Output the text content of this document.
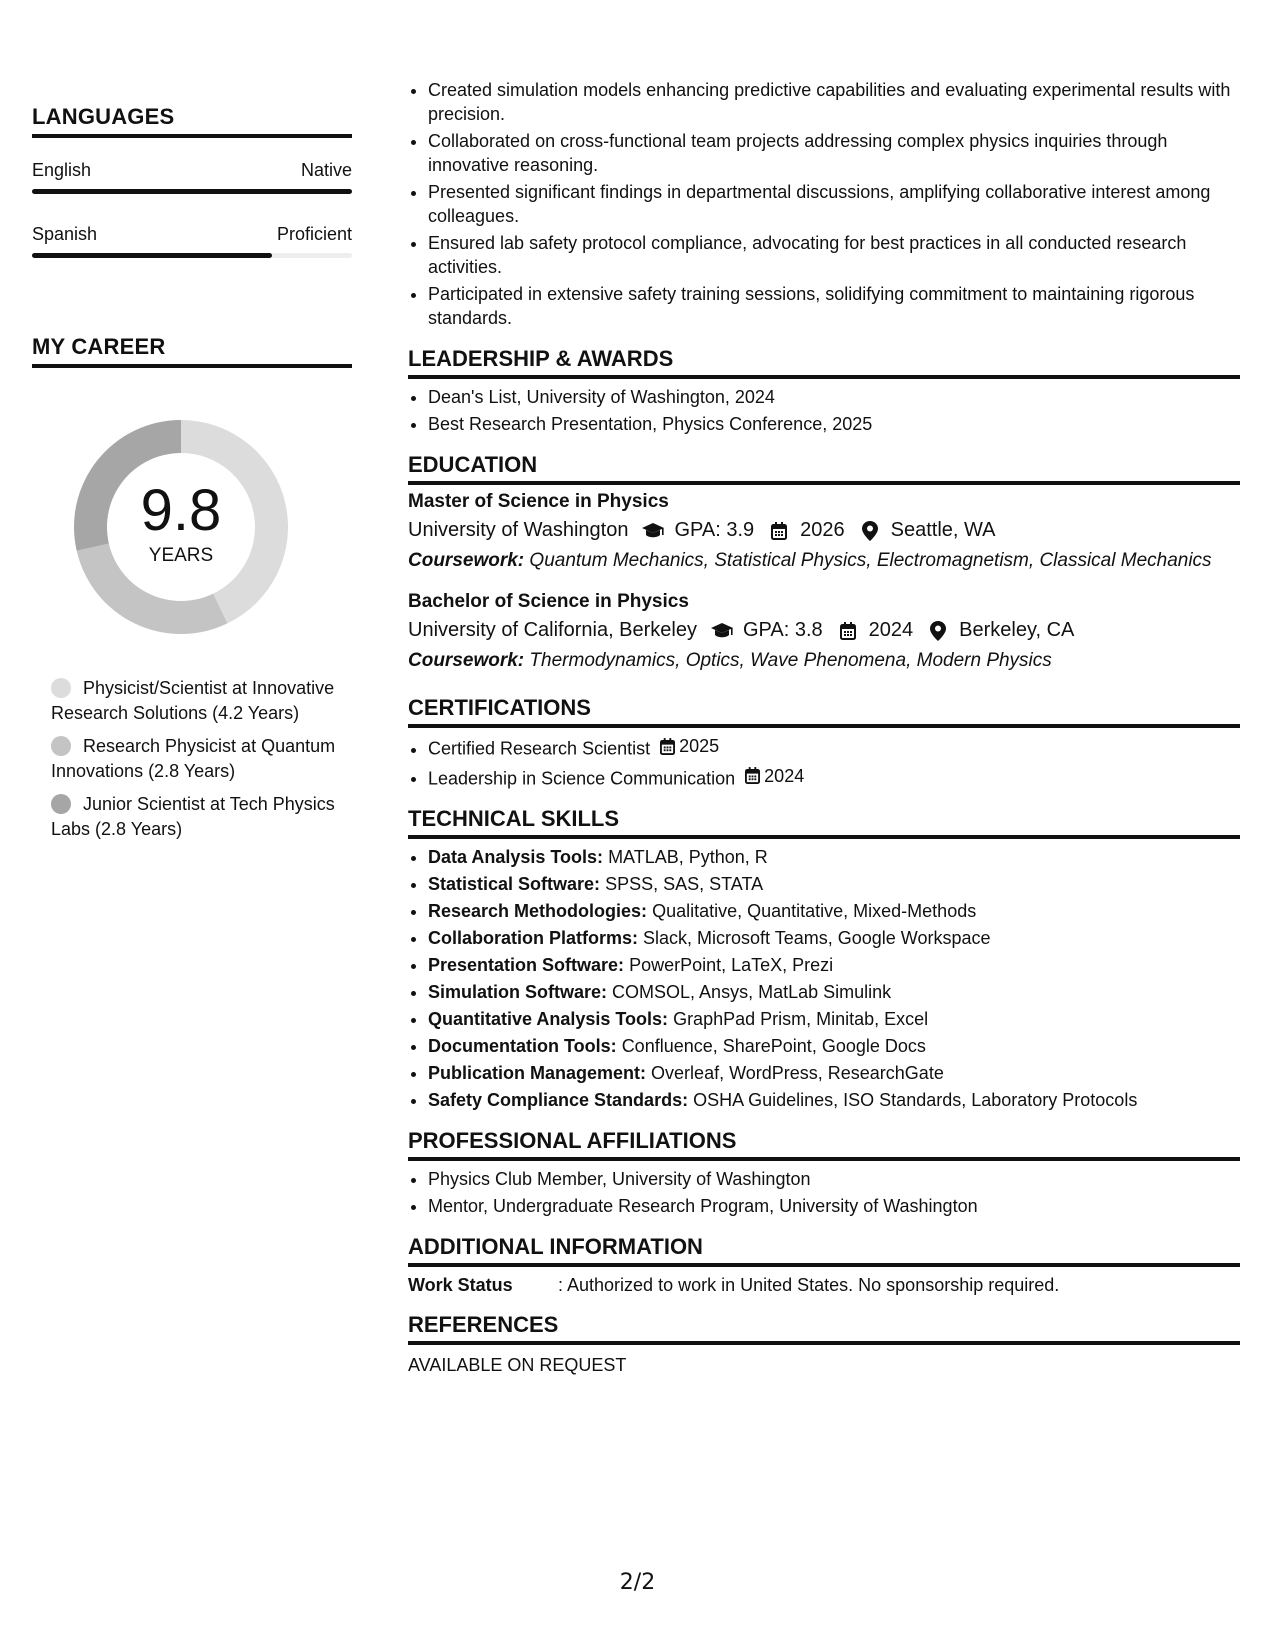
LANGUAGES
English	Native
Spanish	Proficient
MY CAREER
9.8
YEARS
Physicist/Scientist at Innovative Research Solutions (4.2 Years)
Research Physicist at Quantum Innovations (2.8 Years)
Junior Scientist at Tech Physics Labs (2.8 Years)
• Created simulation models enhancing predictive capabilities and evaluating experimental results with precision.
• Collaborated on cross-functional team projects addressing complex physics inquiries through innovative reasoning.
• Presented significant findings in departmental discussions, amplifying collaborative interest among colleagues.
• Ensured lab safety protocol compliance, advocating for best practices in all conducted research activities.
• Participated in extensive safety training sessions, solidifying commitment to maintaining rigorous standards.
LEADERSHIP & AWARDS
• Dean's List, University of Washington, 2024
• Best Research Presentation, Physics Conference, 2025
EDUCATION
Master of Science in Physics
University of Washington GPA: 3.9 2026 Seattle, WA
Coursework: Quantum Mechanics, Statistical Physics, Electromagnetism, Classical Mechanics
Bachelor of Science in Physics
University of California, Berkeley GPA: 3.8 2024 Berkeley, CA
Coursework: Thermodynamics, Optics, Wave Phenomena, Modern Physics
CERTIFICATIONS
• Certified Research Scientist 2025
• Leadership in Science Communication 2024
TECHNICAL SKILLS
• Data Analysis Tools: MATLAB, Python, R
• Statistical Software: SPSS, SAS, STATA
• Research Methodologies: Qualitative, Quantitative, Mixed-Methods
• Collaboration Platforms: Slack, Microsoft Teams, Google Workspace
• Presentation Software: PowerPoint, LaTeX, Prezi
• Simulation Software: COMSOL, Ansys, MatLab Simulink
• Quantitative Analysis Tools: GraphPad Prism, Minitab, Excel
• Documentation Tools: Confluence, SharePoint, Google Docs
• Publication Management: Overleaf, WordPress, ResearchGate
• Safety Compliance Standards: OSHA Guidelines, ISO Standards, Laboratory Protocols
PROFESSIONAL AFFILIATIONS
• Physics Club Member, University of Washington
• Mentor, Undergraduate Research Program, University of Washington
ADDITIONAL INFORMATION
Work Status	: Authorized to work in United States. No sponsorship required.
REFERENCES
AVAILABLE ON REQUEST
2/2
